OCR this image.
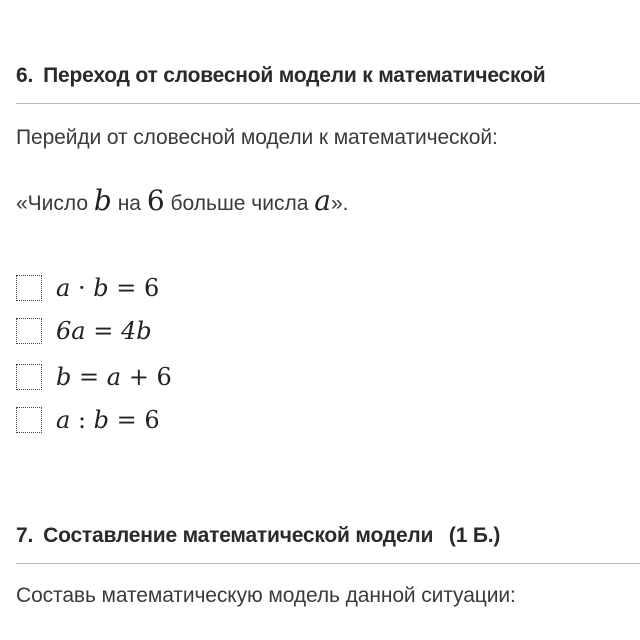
6. Переход от словесной модели к математической
Перейди от словесной модели к математической:
«Число b на 6 больше числа a».
a · b = 6
6a = 4b
b = a + 6
a : b = 6
7. Составление математической модели (1 Б.)
Составь математическую модель данной ситуации:
